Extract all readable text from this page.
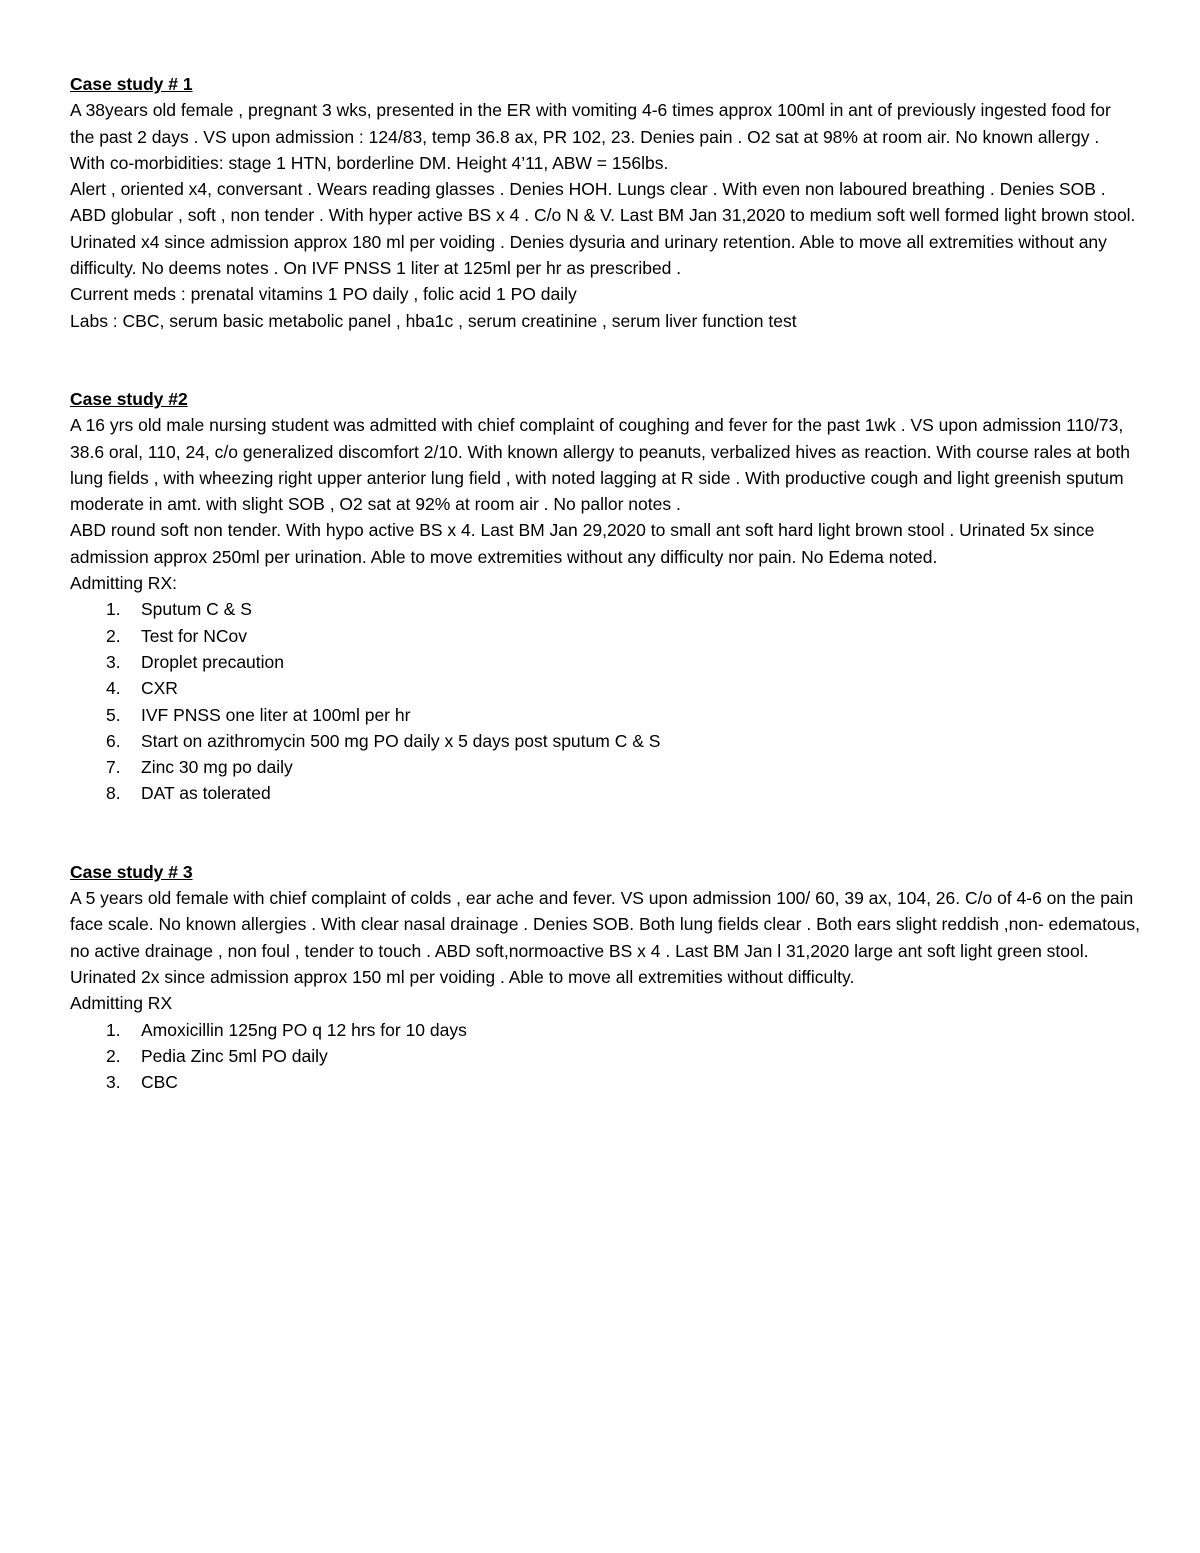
Case study # 1

A 38years old female , pregnant 3 wks, presented in the ER with vomiting 4-6 times approx 100ml in ant of previously ingested food for the past 2 days . VS upon admission : 124/83, temp 36.8 ax, PR 102, 23. Denies pain . O2 sat at 98% at room air. No known allergy .

With co-morbidities: stage 1 HTN, borderline DM. Height 4’11, ABW = 156lbs.

Alert , oriented x4, conversant . Wears reading glasses . Denies HOH. Lungs clear . With even non laboured breathing . Denies SOB . ABD globular , soft , non tender . With hyper active BS x 4 . C/o N & V. Last BM Jan 31,2020 to medium soft well formed light brown stool. Urinated x4 since admission approx 180 ml per voiding . Denies dysuria and urinary retention. Able to move all extremities without any difficulty. No deems notes . On IVF PNSS 1 liter at 125ml per hr as prescribed .

Current meds : prenatal vitamins 1 PO daily , folic acid 1 PO daily

Labs : CBC, serum basic metabolic panel , hba1c , serum creatinine , serum liver function test

Case study #2

A 16 yrs old male nursing student was admitted with chief complaint of coughing and fever for the past 1wk . VS upon admission 110/73, 38.6 oral, 110, 24, c/o generalized discomfort 2/10. With known allergy to peanuts, verbalized hives as reaction. With course rales at both lung fields , with wheezing right upper anterior lung field , with noted lagging at R side . With productive cough and light greenish sputum moderate in amt. with slight SOB , O2 sat at 92% at room air . No pallor notes .

ABD round soft non tender. With hypo active BS x 4. Last BM Jan 29,2020 to small ant soft hard light brown stool . Urinated 5x since admission approx 250ml per urination. Able to move extremities without any difficulty nor pain. No Edema noted.

Admitting RX:

1.	Sputum C & S
2.	Test for NCov
3.	Droplet precaution
4.	CXR
5.	IVF PNSS one liter at 100ml per hr
6.	Start on azithromycin 500 mg PO daily x 5 days post sputum C & S
7.	Zinc 30 mg po daily
8.	DAT as tolerated

Case study # 3

A 5 years old female with chief complaint of colds , ear ache and fever. VS upon admission 100/ 60, 39 ax, 104, 26. C/o of 4-6 on the pain face scale. No known allergies . With clear nasal drainage . Denies SOB. Both lung fields clear . Both ears slight reddish ,non- edematous, no active drainage , non foul , tender to touch . ABD soft,normoactive BS x 4 . Last BM Jan l 31,2020 large ant soft light green stool. Urinated 2x since admission approx 150 ml per voiding . Able to move all extremities without difficulty.

Admitting RX

1.	Amoxicillin 125ng PO q 12 hrs for 10 days
2.	Pedia Zinc 5ml PO daily
3.	CBC
